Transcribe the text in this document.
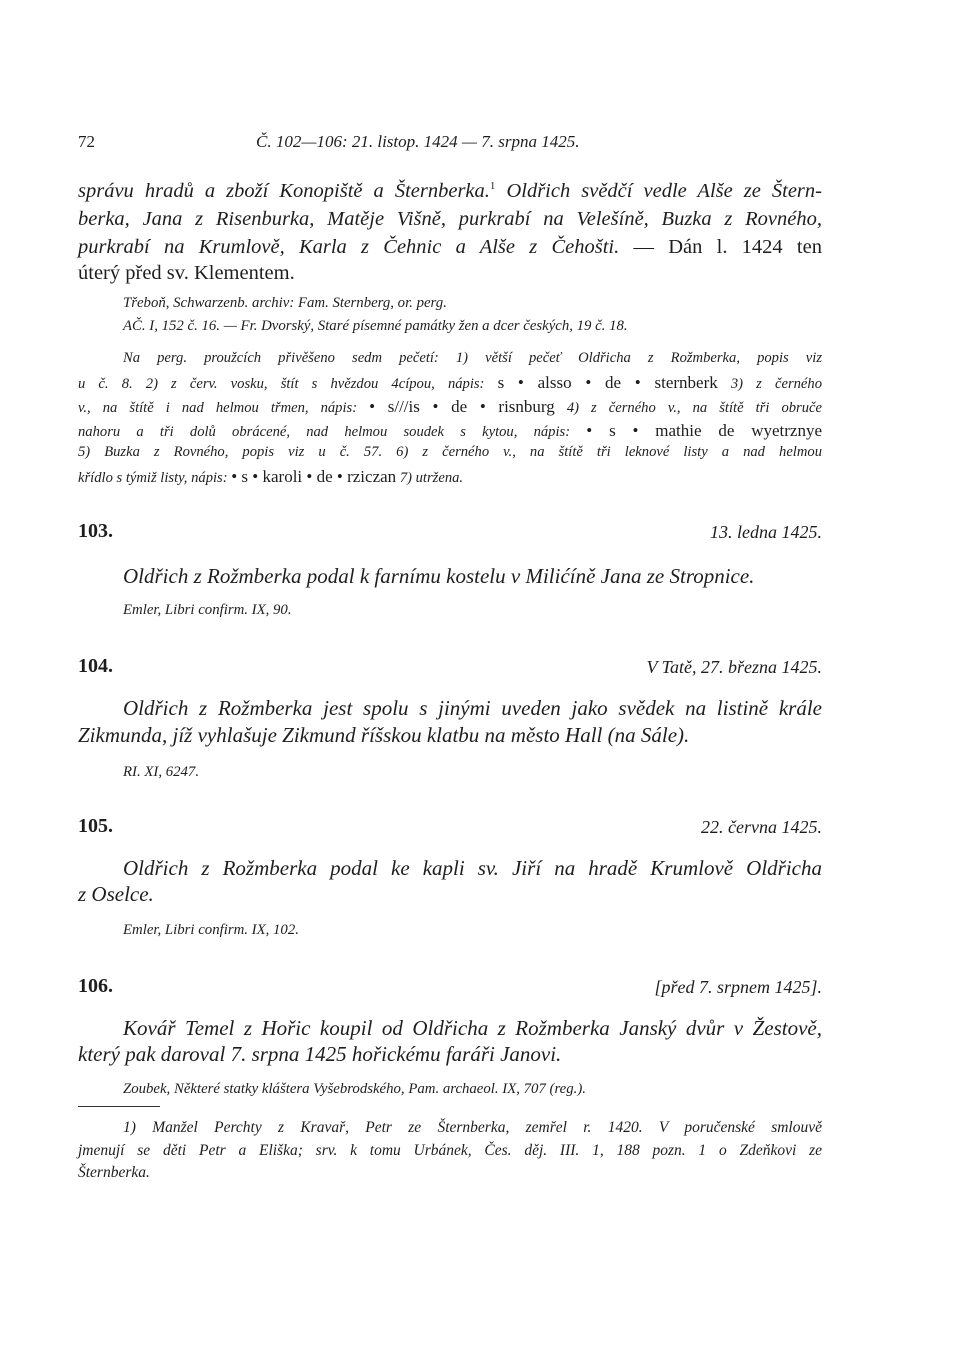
72	Č. 102—106: 21. listop. 1424 — 7. srpna 1425.
správu hradů a zboží Konopiště a Šternberka.$^1$ Oldřich svědčí vedle Alše ze Štern-
berka, Jana z Risenburka, Matěje Višně, purkrabí na Velešíně, Buzka z Rovného,
purkrabí na Krumlově, Karla z Čehnic a Alše z Čehošti. — Dán l. 1424 ten
úterý před sv. Klementem.
Třeboň, Schwarzenb. archiv: Fam. Sternberg, or. perg.
AČ. I, 152 č. 16. — Fr. Dvorský, Staré písemné památky žen a dcer českých, 19 č. 18.
Na perg. proužcích přivěšeno sedm pečetí: 1) větší pečeť Oldřicha z Rožmberka, popis viz
u č. 8. 2) z červ. vosku, štít s hvězdou 4cípou, nápis: s • alsso • de • sternberk 3) z černého
v., na štítě i nad helmou třmen, nápis: • s///is • de • risnburg 4) z černého v., na štítě tři obruče
nahoru a tři dolů obrácené, nad helmou soudek s kytou, nápis: • s • mathie de wyetrznye
5) Buzka z Rovného, popis viz u č. 57. 6) z černého v., na štítě tři leknové listy a nad helmou
křídlo s týmiž listy, nápis: • s • karoli • de • rziczan 7) utržena.
103.	13. ledna 1425.
Oldřich z Rožmberka podal k farnímu kostelu v Milićíně Jana ze Stropnice.
Emler, Libri confirm. IX, 90.
104.	V Tatě, 27. března 1425.
Oldřich z Rožmberka jest spolu s jinými uveden jako svědek na listině krále
Zikmunda, jíž vyhlašuje Zikmund říšskou klatbu na město Hall (na Sále).
RI. XI, 6247.
105.	22. června 1425.
Oldřich z Rožmberka podal ke kapli sv. Jiří na hradě Krumlově Oldřicha
z Oselce.
Emler, Libri confirm. IX, 102.
106.	[před 7. srpnem 1425].
Kovář Temel z Hořic koupil od Oldřicha z Rožmberka Janský dvůr v Žestově,
který pak daroval 7. srpna 1425 hořickému faráři Janovi.
Zoubek, Některé statky kláštera Vyšebrodského, Pam. archaeol. IX, 707 (reg.).
1) Manžel Perchty z Kravař, Petr ze Šternberka, zemřel r. 1420. V poručenské smlouvě
jmenují se děti Petr a Eliška; srv. k tomu Urbánek, Čes. děj. III. 1, 188 pozn. 1 o Zdeňkovi ze
Šternberka.
